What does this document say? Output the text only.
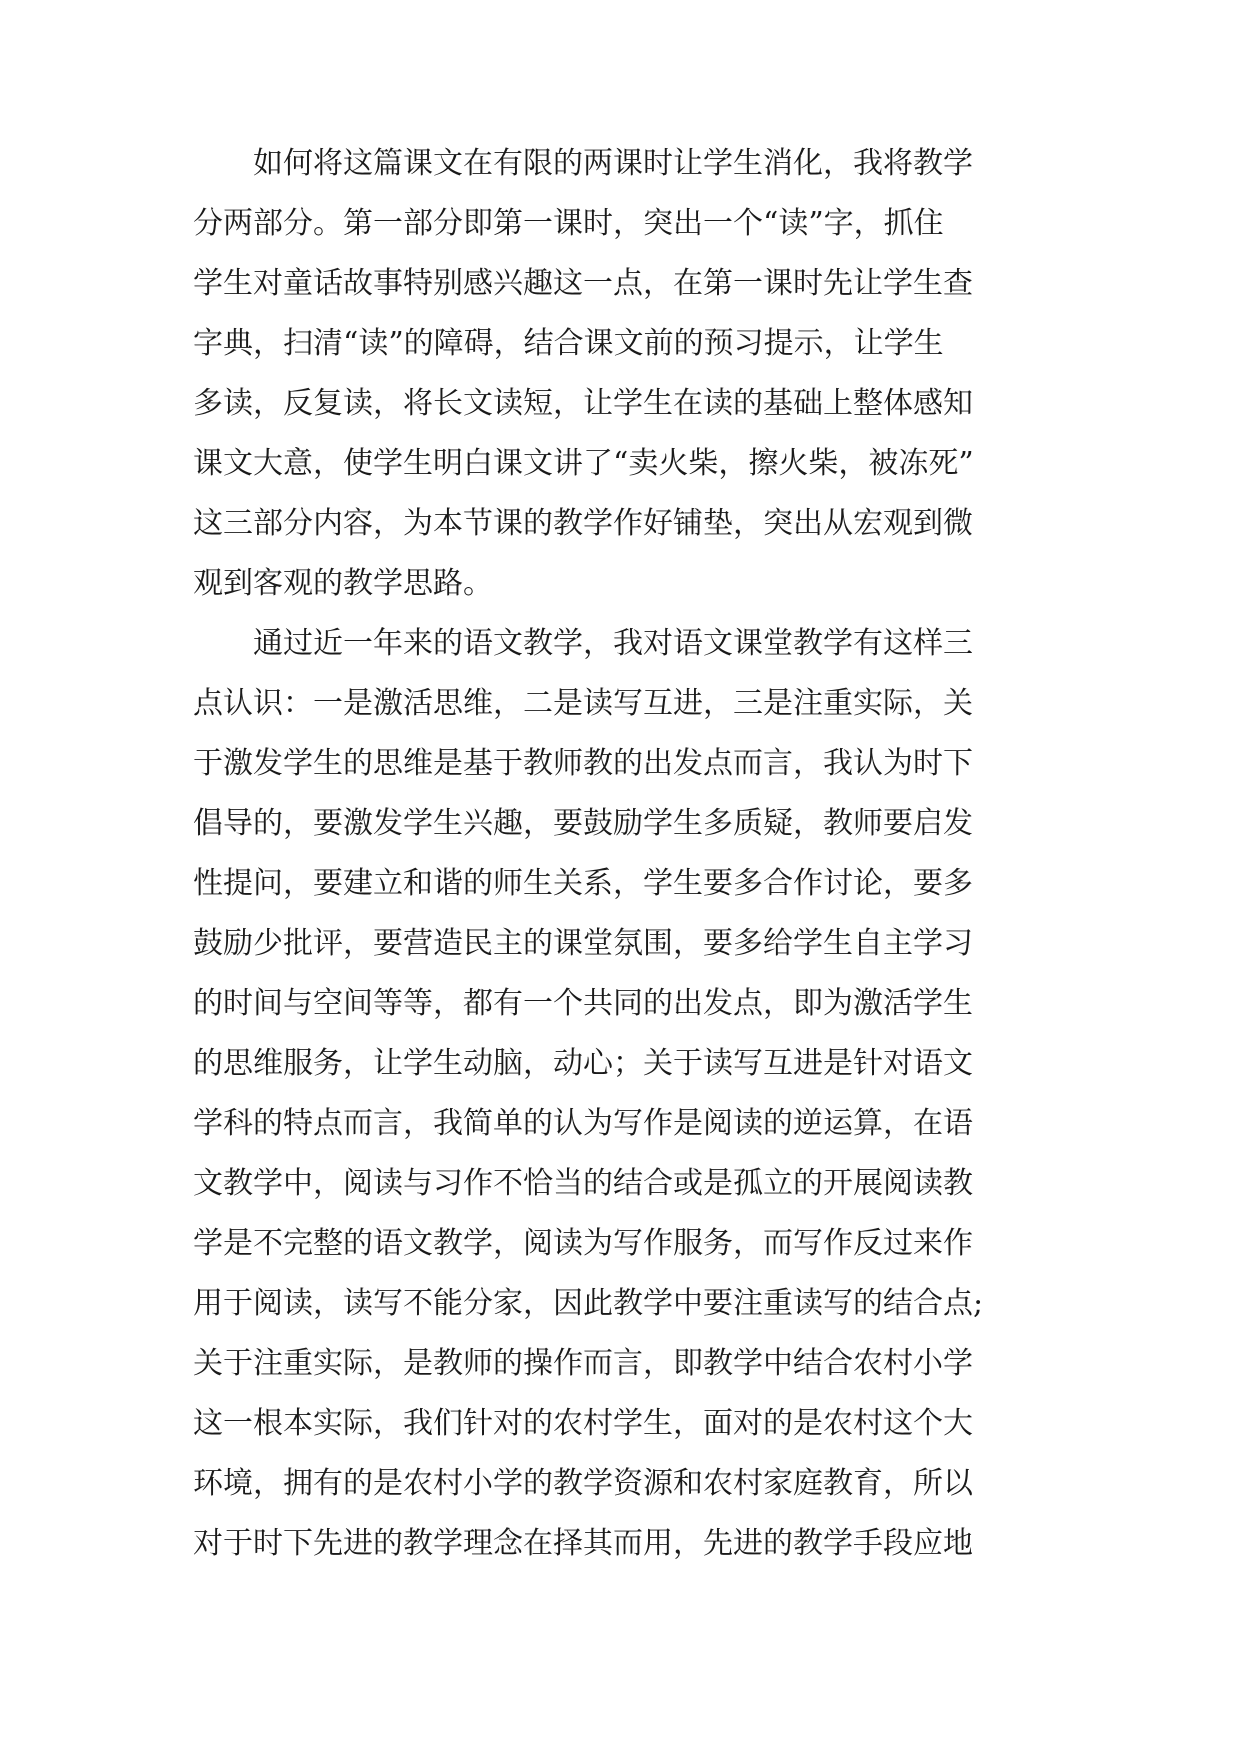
如何将这篇课文在有限的两课时让学生消化，我将教学
分两部分。第一部分即第一课时，突出一个“读”字，抓住
学生对童话故事特别感兴趣这一点，在第一课时先让学生查
字典，扫清“读”的障碍，结合课文前的预习提示，让学生
多读，反复读，将长文读短，让学生在读的基础上整体感知
课文大意，使学生明白课文讲了“卖火柴，擦火柴，被冻死”
这三部分内容，为本节课的教学作好铺垫，突出从宏观到微
观到客观的教学思路。
通过近一年来的语文教学，我对语文课堂教学有这样三
点认识：一是激活思维，二是读写互进，三是注重实际，关
于激发学生的思维是基于教师教的出发点而言，我认为时下
倡导的，要激发学生兴趣，要鼓励学生多质疑，教师要启发
性提问，要建立和谐的师生关系，学生要多合作讨论，要多
鼓励少批评，要营造民主的课堂氛围，要多给学生自主学习
的时间与空间等等，都有一个共同的出发点，即为激活学生
的思维服务，让学生动脑，动心；关于读写互进是针对语文
学科的特点而言，我简单的认为写作是阅读的逆运算，在语
文教学中，阅读与习作不恰当的结合或是孤立的开展阅读教
学是不完整的语文教学，阅读为写作服务，而写作反过来作
用于阅读，读写不能分家，因此教学中要注重读写的结合点;
关于注重实际，是教师的操作而言，即教学中结合农村小学
这一根本实际，我们针对的农村学生，面对的是农村这个大
环境，拥有的是农村小学的教学资源和农村家庭教育，所以
对于时下先进的教学理念在择其而用，先进的教学手段应地
